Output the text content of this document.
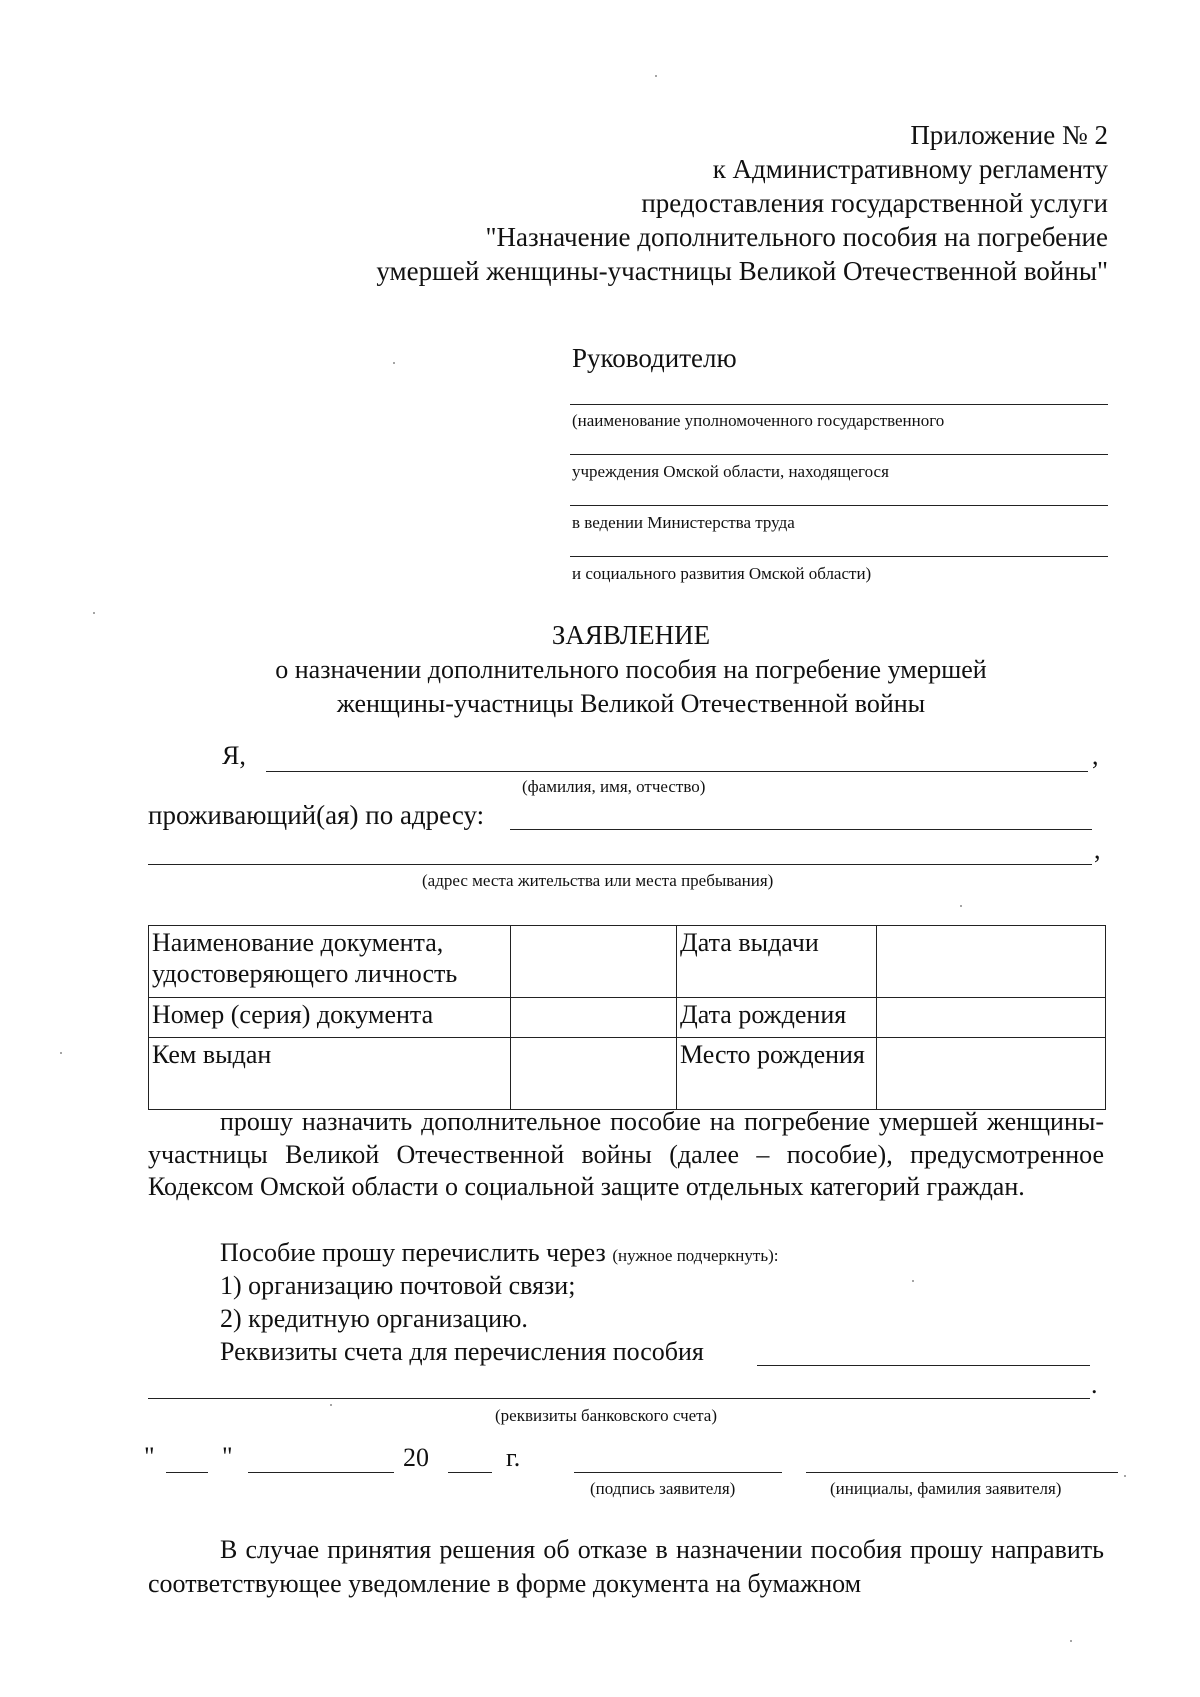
Приложение № 2
к Административному регламенту
предоставления государственной услуги
"Назначение дополнительного пособия на погребение
умершей женщины-участницы Великой Отечественной войны"
Руководителю
(наименование уполномоченного государственного
учреждения Омской области, находящегося
в ведении Министерства труда
и социального развития Омской области)
ЗАЯВЛЕНИЕ
о назначении дополнительного пособия на погребение умершей
женщины-участницы Великой Отечественной войны
Я,	,
(фамилия, имя, отчество)
проживающий(ая) по адресу:
,
(адрес места жительства или места пребывания)
Наименование документа, удостоверяющего личность		Дата выдачи	
Номер (серия) документа		Дата рождения	
Кем выдан		Место рождения	
прошу назначить дополнительное пособие на погребение умершей женщины-участницы Великой Отечественной войны (далее – пособие), предусмотренное Кодексом Омской области о социальной защите отдельных категорий граждан.
Пособие прошу перечислить через (нужное подчеркнуть):
1) организацию почтовой связи;
2) кредитную организацию.
Реквизиты счета для перечисления пособия
.
(реквизиты банковского счета)
"	"	20	г.
(подпись заявителя)	(инициалы, фамилия заявителя)
В случае принятия решения об отказе в назначении пособия прошу направить соответствующее уведомление в форме документа на бумажном
